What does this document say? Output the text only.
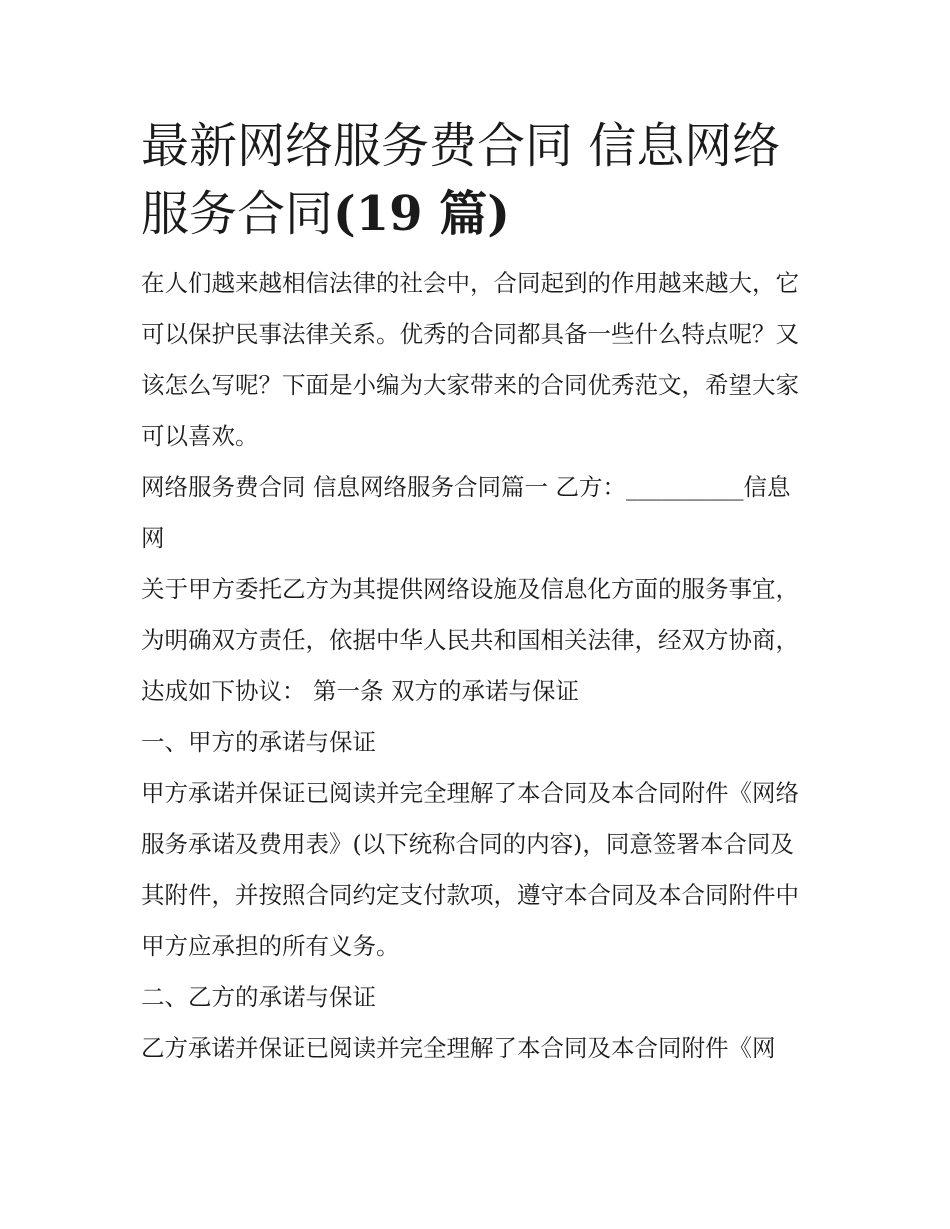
最新网络服务费合同 信息网络
服务合同(19 篇)

在人们越来越相信法律的社会中，合同起到的作用越来越大，它可以保护民事法律关系。优秀的合同都具备一些什么特点呢？又该怎么写呢？下面是小编为大家带来的合同优秀范文，希望大家可以喜欢。

网络服务费合同 信息网络服务合同篇一 乙方：__________信息网

关于甲方委托乙方为其提供网络设施及信息化方面的服务事宜，为明确双方责任，依据中华人民共和国相关法律，经双方协商，达成如下协议： 第一条 双方的承诺与保证

一、甲方的承诺与保证

甲方承诺并保证已阅读并完全理解了本合同及本合同附件《网络服务承诺及费用表》(以下统称合同的内容)，同意签署本合同及其附件，并按照合同约定支付款项，遵守本合同及本合同附件中甲方应承担的所有义务。

二、乙方的承诺与保证

乙方承诺并保证已阅读并完全理解了本合同及本合同附件《网
